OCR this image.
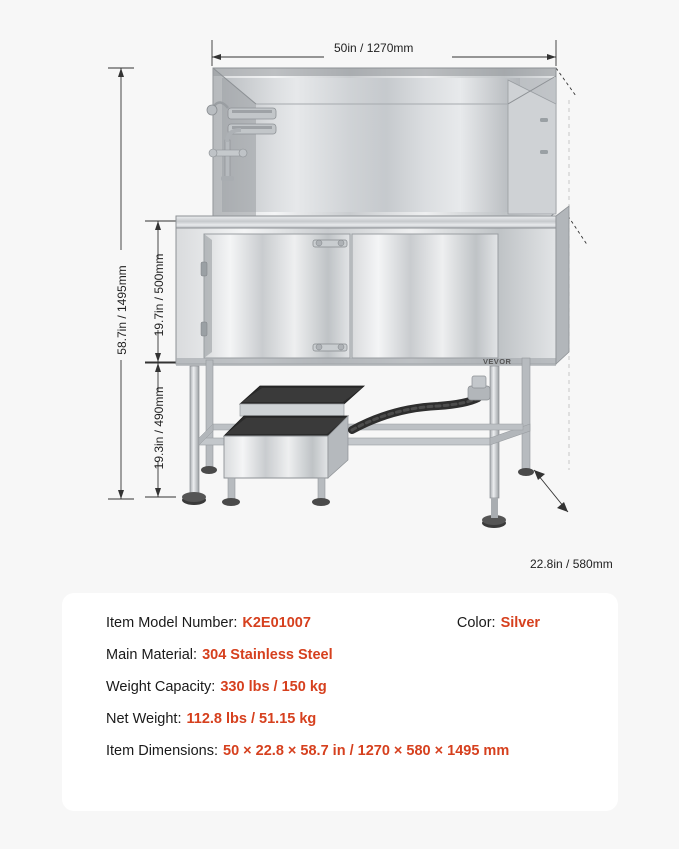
50in / 1270mm
58.7in / 1495mm 19.7in / 500mm
19.3in / 490mm
22.8in / 580mm
VEVOR
Item Model Number: K2E01007	Color: Silver
Main Material: 304 Stainless Steel
Weight Capacity: 330 lbs / 150 kg
Net Weight: 112.8 lbs / 51.15 kg
Item Dimensions: 50 × 22.8 × 58.7 in / 1270 × 580 × 1495 mm
